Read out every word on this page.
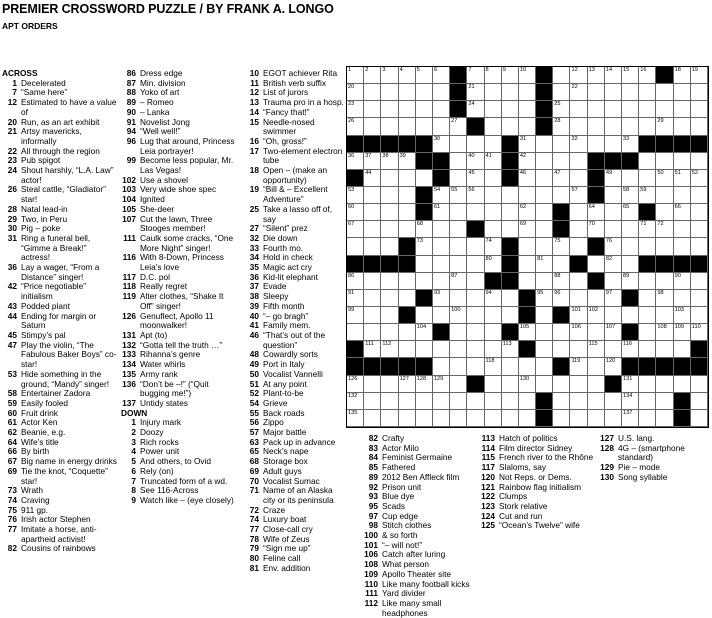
PREMIER CROSSWORD PUZZLE / BY FRANK A. LONGO
APT ORDERS
ACROSS
1 Decelerated
7 “Same here”
12 Estimated to have a value of
20 Run, as an art exhibit
21 Artsy mavericks, informally
22 All through the region
23 Pub spigot
24 Shout harshly, “L.A. Law” actor!
26 Steal cattle, “Gladiator” star!
28 Natal lead-in
29 Two, in Peru
30 Pig – poke
31 Ring a funeral bell, “Gimme a Break!” actress!
36 Lay a wager, “From a Distance” singer!
42 “Price negotiable” initialism
43 Podded plant
44 Ending for margin or Saturn
45 Stimpy’s pal
47 Play the violin, “The Fabulous Baker Boys” co-star!
53 Hide something in the ground, “Mandy” singer!
58 Entertainer Zadora
59 Easily fooled
60 Fruit drink
61 Actor Ken
62 Beanie, e.g.
64 Wife’s title
66 By birth
67 Big name in energy drinks
69 Tie the knot, “Coquette” star!
73 Wrath
74 Craving
75 911 gp.
76 Irish actor Stephen
77 Imitate a horse, anti-apartheid activist!
82 Cousins of rainbows
86 Dress edge
87 Min. division
88 Yoko of art
89 – Romeo
90 – Lanka
91 Novelist Jong
94 “Well well!”
96 Lug that around, Princess Leia portrayer!
99 Become less popular, Mr. Las Vegas!
102 Use a shovel
103 Very wide shoe spec
104 Ignited
105 She-deer
107 Cut the lawn, Three Stooges member!
111 Caulk some cracks, “One More Night” singer!
116 With 8-Down, Princess Leia’s love
117 D.C. pol
118 Really regret
119 Alter clothes, “Shake It Off” singer!
126 Genuflect, Apollo 11 moonwalker!
131 Apt (to)
132 “Gotta tell the truth …”
133 Rihanna’s genre
134 Water whirls
135 Army rank
136 “Don’t be –!” (“Quit bugging me!”)
137 Untidy states
DOWN
1 Injury mark
2 Doozy
3 Rich rocks
4 Power unit
5 And others, to Ovid
6 Rely (on)
7 Truncated form of a wd.
8 See 116-Across
9 Watch like – (eye closely)
10 EGOT achiever Rita
11 British verb suffix
12 List of jurors
13 Trauma pro in a hosp.
14 “Fancy that!”
15 Needle-nosed swimmer
16 “Oh, gross!”
17 Two-element electron tube
18 Open – (make an opportunity)
19 “Bill & – Excellent Adventure”
25 Take a lasso off of, say
27 “Silent” prez
32 Die down
33 Fourth mo.
34 Hold in check
35 Magic act cry
36 Kid-lit elephant
37 Evade
38 Sleepy
39 Fifth month
40 “– go bragh”
41 Family mem.
46 “That’s out of the question”
48 Cowardly sorts
49 Port in Italy
50 Vocalist Vannelli
51 At any point
52 Plant-to-be
54 Grieve
55 Back roads
56 Zippo
57 Major battle
63 Pack up in advance
65 Neck’s nape
68 Storage box
69 Adult guys
70 Vocalist Sumac
71 Name of an Alaska city or its peninsula
72 Craze
74 Luxury boat
77 Close-call cry
78 Wife of Zeus
79 “Sign me up”
80 Feline call
81 Env. addition
82 Crafty
83 Actor Milo
84 Feminist Germaine
85 Fathered
89 2012 Ben Affleck film
92 Prison unit
93 Blue dye
95 Scads
97 Cup edge
98 Stitch clothes
100 & so forth
101 “– will not!”
106 Catch after luring
108 What person
109 Apollo Theater site
110 Like many football kicks
111 Yard divider
112 Like many small headphones
113 Hatch of politics
114 Film director Sidney
115 French river to the Rhône
117 Slaloms, say
120 Not Reps. or Dems.
121 Rainbow flag initialism
122 Clumps
123 Stork relative
124 Cut and run
125 “Ocean’s Twelve” wife
127 U.S. lang.
128 4G – (smartphone standard)
129 Pie – mode
130 Song syllable
1	2	3	4	5	6	7	8	9	10	12 13 14 15 16	18 19
20	21	22
23	24	25
26	27	28	29
30	31	32	33
36 37 38 39	40 41	42
44	45	46	47	49	50 51 52
53	54 55 56	57	58 59
60	61	62	64	65	66
67	68	69	70	71 72
73	74	75	76
80	81	82
86	87	88	89	90
91	93	94	95 96	97	98
99	100	101 102	103
104	105	106	107	108 109 110
111 112	113	115	116
118	119	120
126	127 128 129	130	131
132	134
135	137
